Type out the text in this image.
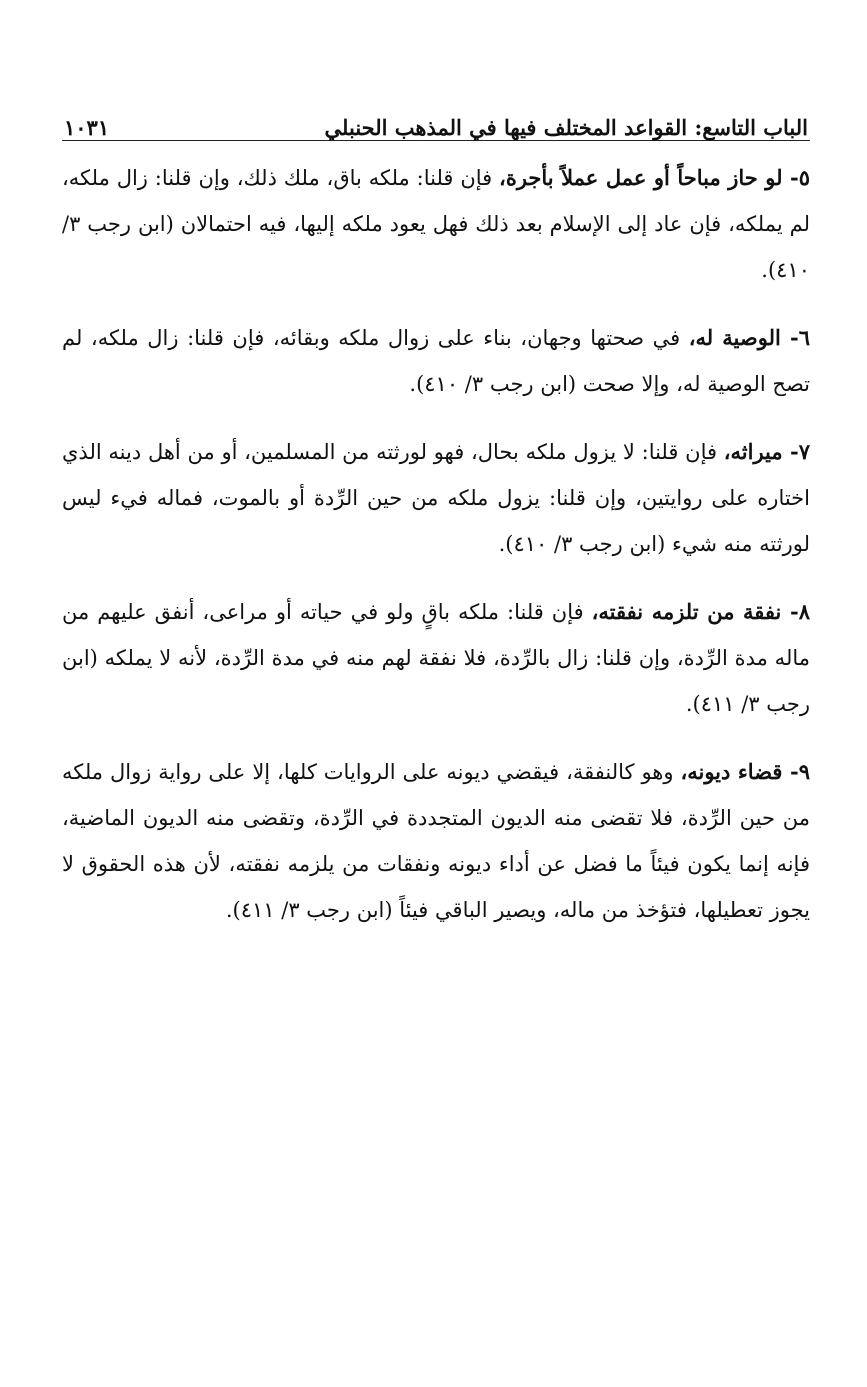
الباب التاسع: القواعد المختلف فيها في المذهب الحنبلي
١٠٣١

٥- لو حاز مباحاً أو عمل عملاً بأجرة، فإن قلنا: ملكه باق، ملك ذلك، وإن قلنا: زال ملكه، لم يملكه، فإن عاد إلى الإسلام بعد ذلك فهل يعود ملكه إليها، فيه احتمالان (ابن رجب ٣/ ٤١٠).

٦- الوصية له، في صحتها وجهان، بناء على زوال ملكه وبقائه، فإن قلنا: زال ملكه، لم تصح الوصية له، وإلا صحت (ابن رجب ٣/ ٤١٠).

٧- ميراثه، فإن قلنا: لا يزول ملكه بحال، فهو لورثته من المسلمين، أو من أهل دينه الذي اختاره على روايتين، وإن قلنا: يزول ملكه من حين الرِّدة أو بالموت، فماله فيء ليس لورثته منه شيء (ابن رجب ٣/ ٤١٠).

٨- نفقة من تلزمه نفقته، فإن قلنا: ملكه باقٍ ولو في حياته أو مراعى، أنفق عليهم من ماله مدة الرِّدة، وإن قلنا: زال بالرِّدة، فلا نفقة لهم منه في مدة الرِّدة، لأنه لا يملكه (ابن رجب ٣/ ٤١١).

٩- قضاء ديونه، وهو كالنفقة، فيقضي ديونه على الروايات كلها، إلا على رواية زوال ملكه من حين الرِّدة، فلا تقضى منه الديون المتجددة في الرِّدة، وتقضى منه الديون الماضية، فإنه إنما يكون فيئاً ما فضل عن أداء ديونه ونفقات من يلزمه نفقته، لأن هذه الحقوق لا يجوز تعطيلها، فتؤخذ من ماله، ويصير الباقي فيئاً (ابن رجب ٣/ ٤١١).
